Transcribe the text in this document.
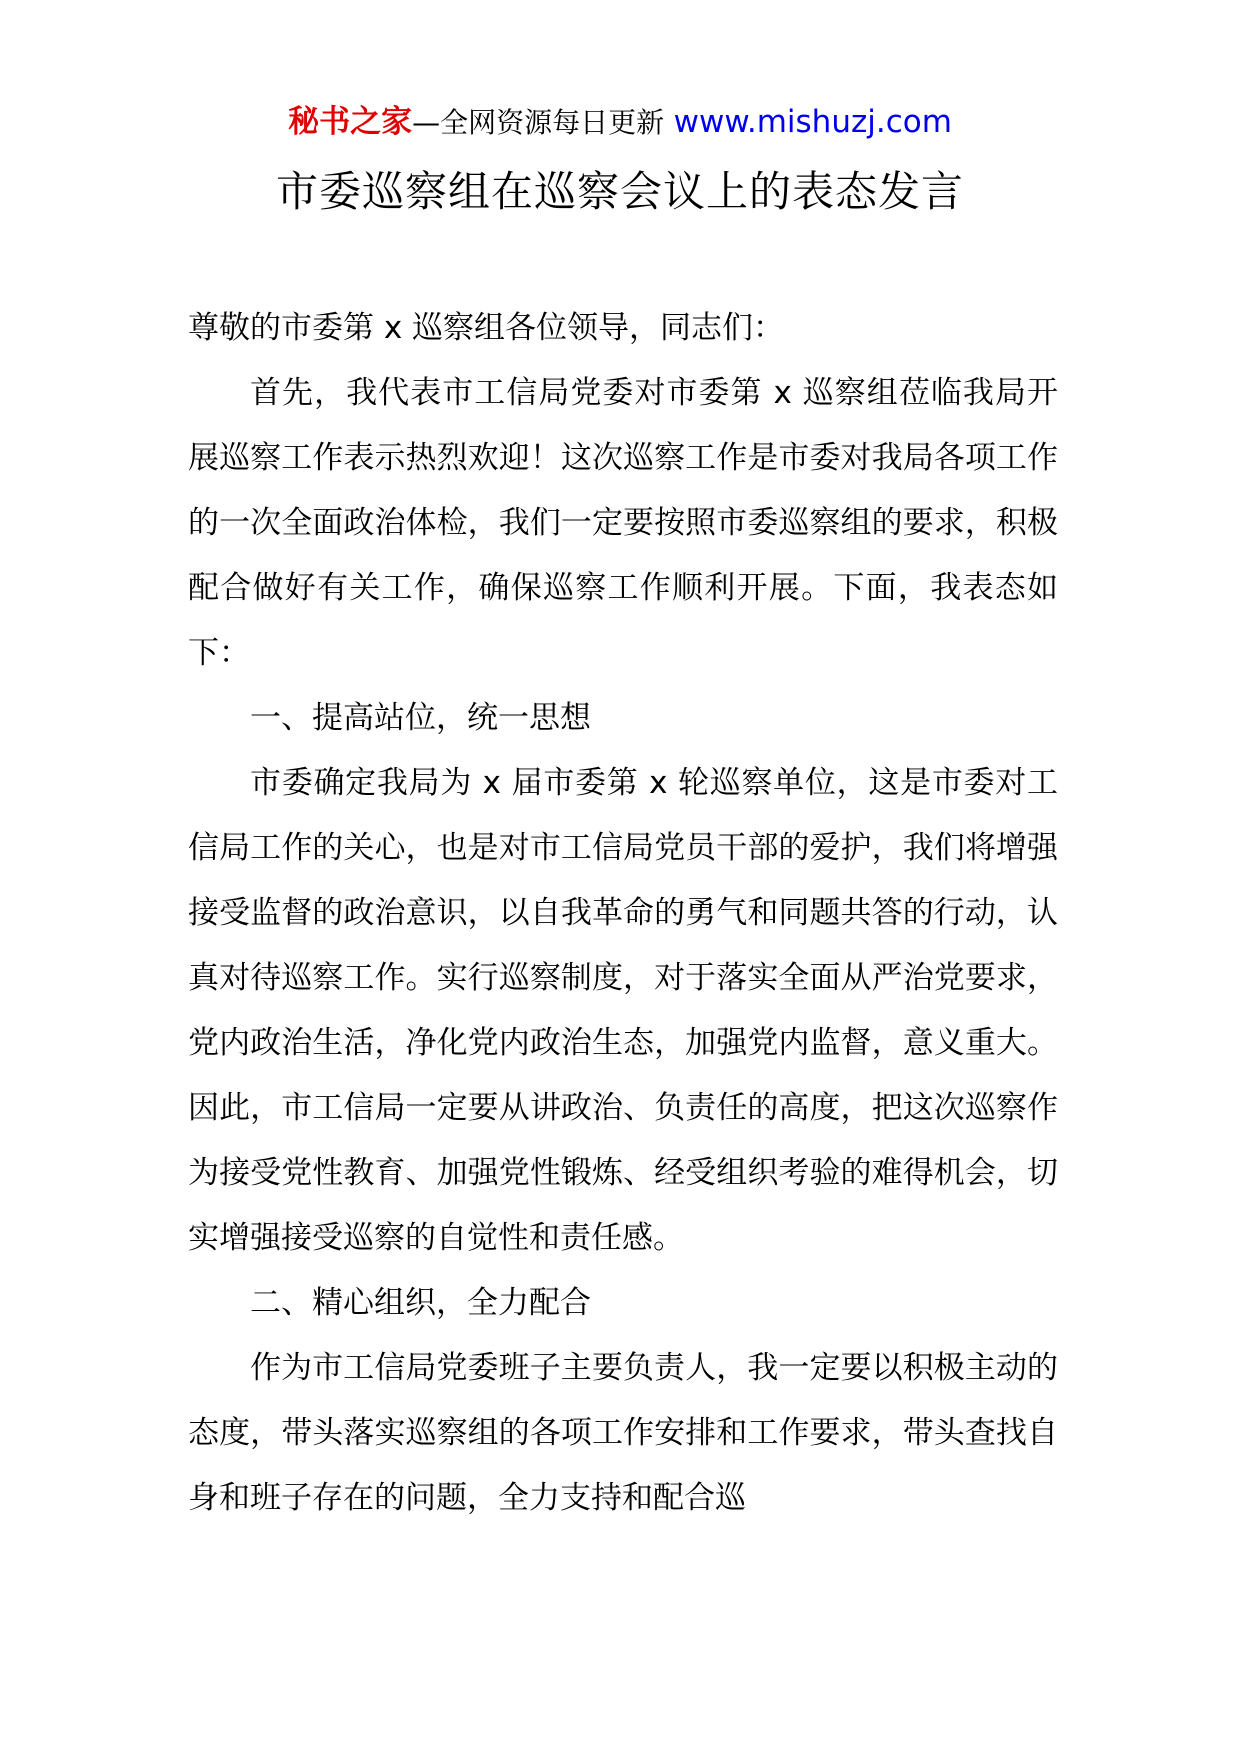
秘书之家—全网资源每日更新 www.mishuzj.com
市委巡察组在巡察会议上的表态发言

尊敬的市委第 x 巡察组各位领导，同志们：

首先，我代表市工信局党委对市委第 x 巡察组莅临我局开展巡察工作表示热烈欢迎！这次巡察工作是市委对我局各项工作的一次全面政治体检，我们一定要按照市委巡察组的要求，积极配合做好有关工作，确保巡察工作顺利开展。下面，我表态如下：

一、提高站位，统一思想

市委确定我局为 x 届市委第 x 轮巡察单位，这是市委对工信局工作的关心，也是对市工信局党员干部的爱护，我们将增强接受监督的政治意识，以自我革命的勇气和同题共答的行动，认真对待巡察工作。实行巡察制度，对于落实全面从严治党要求，党内政治生活，净化党内政治生态，加强党内监督，意义重大。因此，市工信局一定要从讲政治、负责任的高度，把这次巡察作为接受党性教育、加强党性锻炼、经受组织考验的难得机会，切实增强接受巡察的自觉性和责任感。

二、精心组织，全力配合

作为市工信局党委班子主要负责人，我一定要以积极主动的态度，带头落实巡察组的各项工作安排和工作要求，带头查找自身和班子存在的问题，全力支持和配合巡
